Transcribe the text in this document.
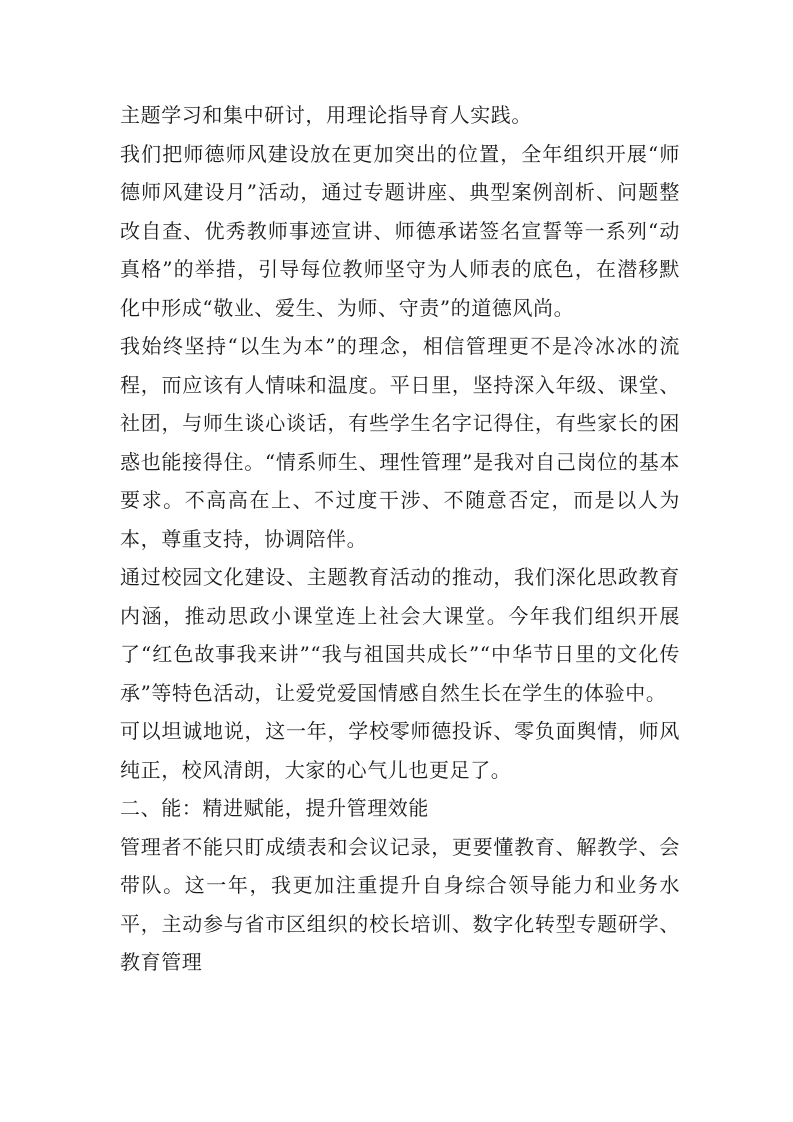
主题学习和集中研讨，用理论指导育人实践。

我们把师德师风建设放在更加突出的位置，全年组织开展“师德师风建设月”活动，通过专题讲座、典型案例剖析、问题整改自查、优秀教师事迹宣讲、师德承诺签名宣誓等一系列“动真格”的举措，引导每位教师坚守为人师表的底色，在潜移默化中形成“敬业、爱生、为师、守责”的道德风尚。

我始终坚持“以生为本”的理念，相信管理更不是冷冰冰的流程，而应该有人情味和温度。平日里，坚持深入年级、课堂、社团，与师生谈心谈话，有些学生名字记得住，有些家长的困惑也能接得住。“情系师生、理性管理”是我对自己岗位的基本要求。不高高在上、不过度干涉、不随意否定，而是以人为本，尊重支持，协调陪伴。

通过校园文化建设、主题教育活动的推动，我们深化思政教育内涵，推动思政小课堂连上社会大课堂。今年我们组织开展了“红色故事我来讲”“我与祖国共成长”“中华节日里的文化传承”等特色活动，让爱党爱国情感自然生长在学生的体验中。

可以坦诚地说，这一年，学校零师德投诉、零负面舆情，师风纯正，校风清朗，大家的心气儿也更足了。

二、能：精进赋能，提升管理效能

管理者不能只盯成绩表和会议记录，更要懂教育、解教学、会带队。这一年，我更加注重提升自身综合领导能力和业务水平，主动参与省市区组织的校长培训、数字化转型专题研学、教育管理
